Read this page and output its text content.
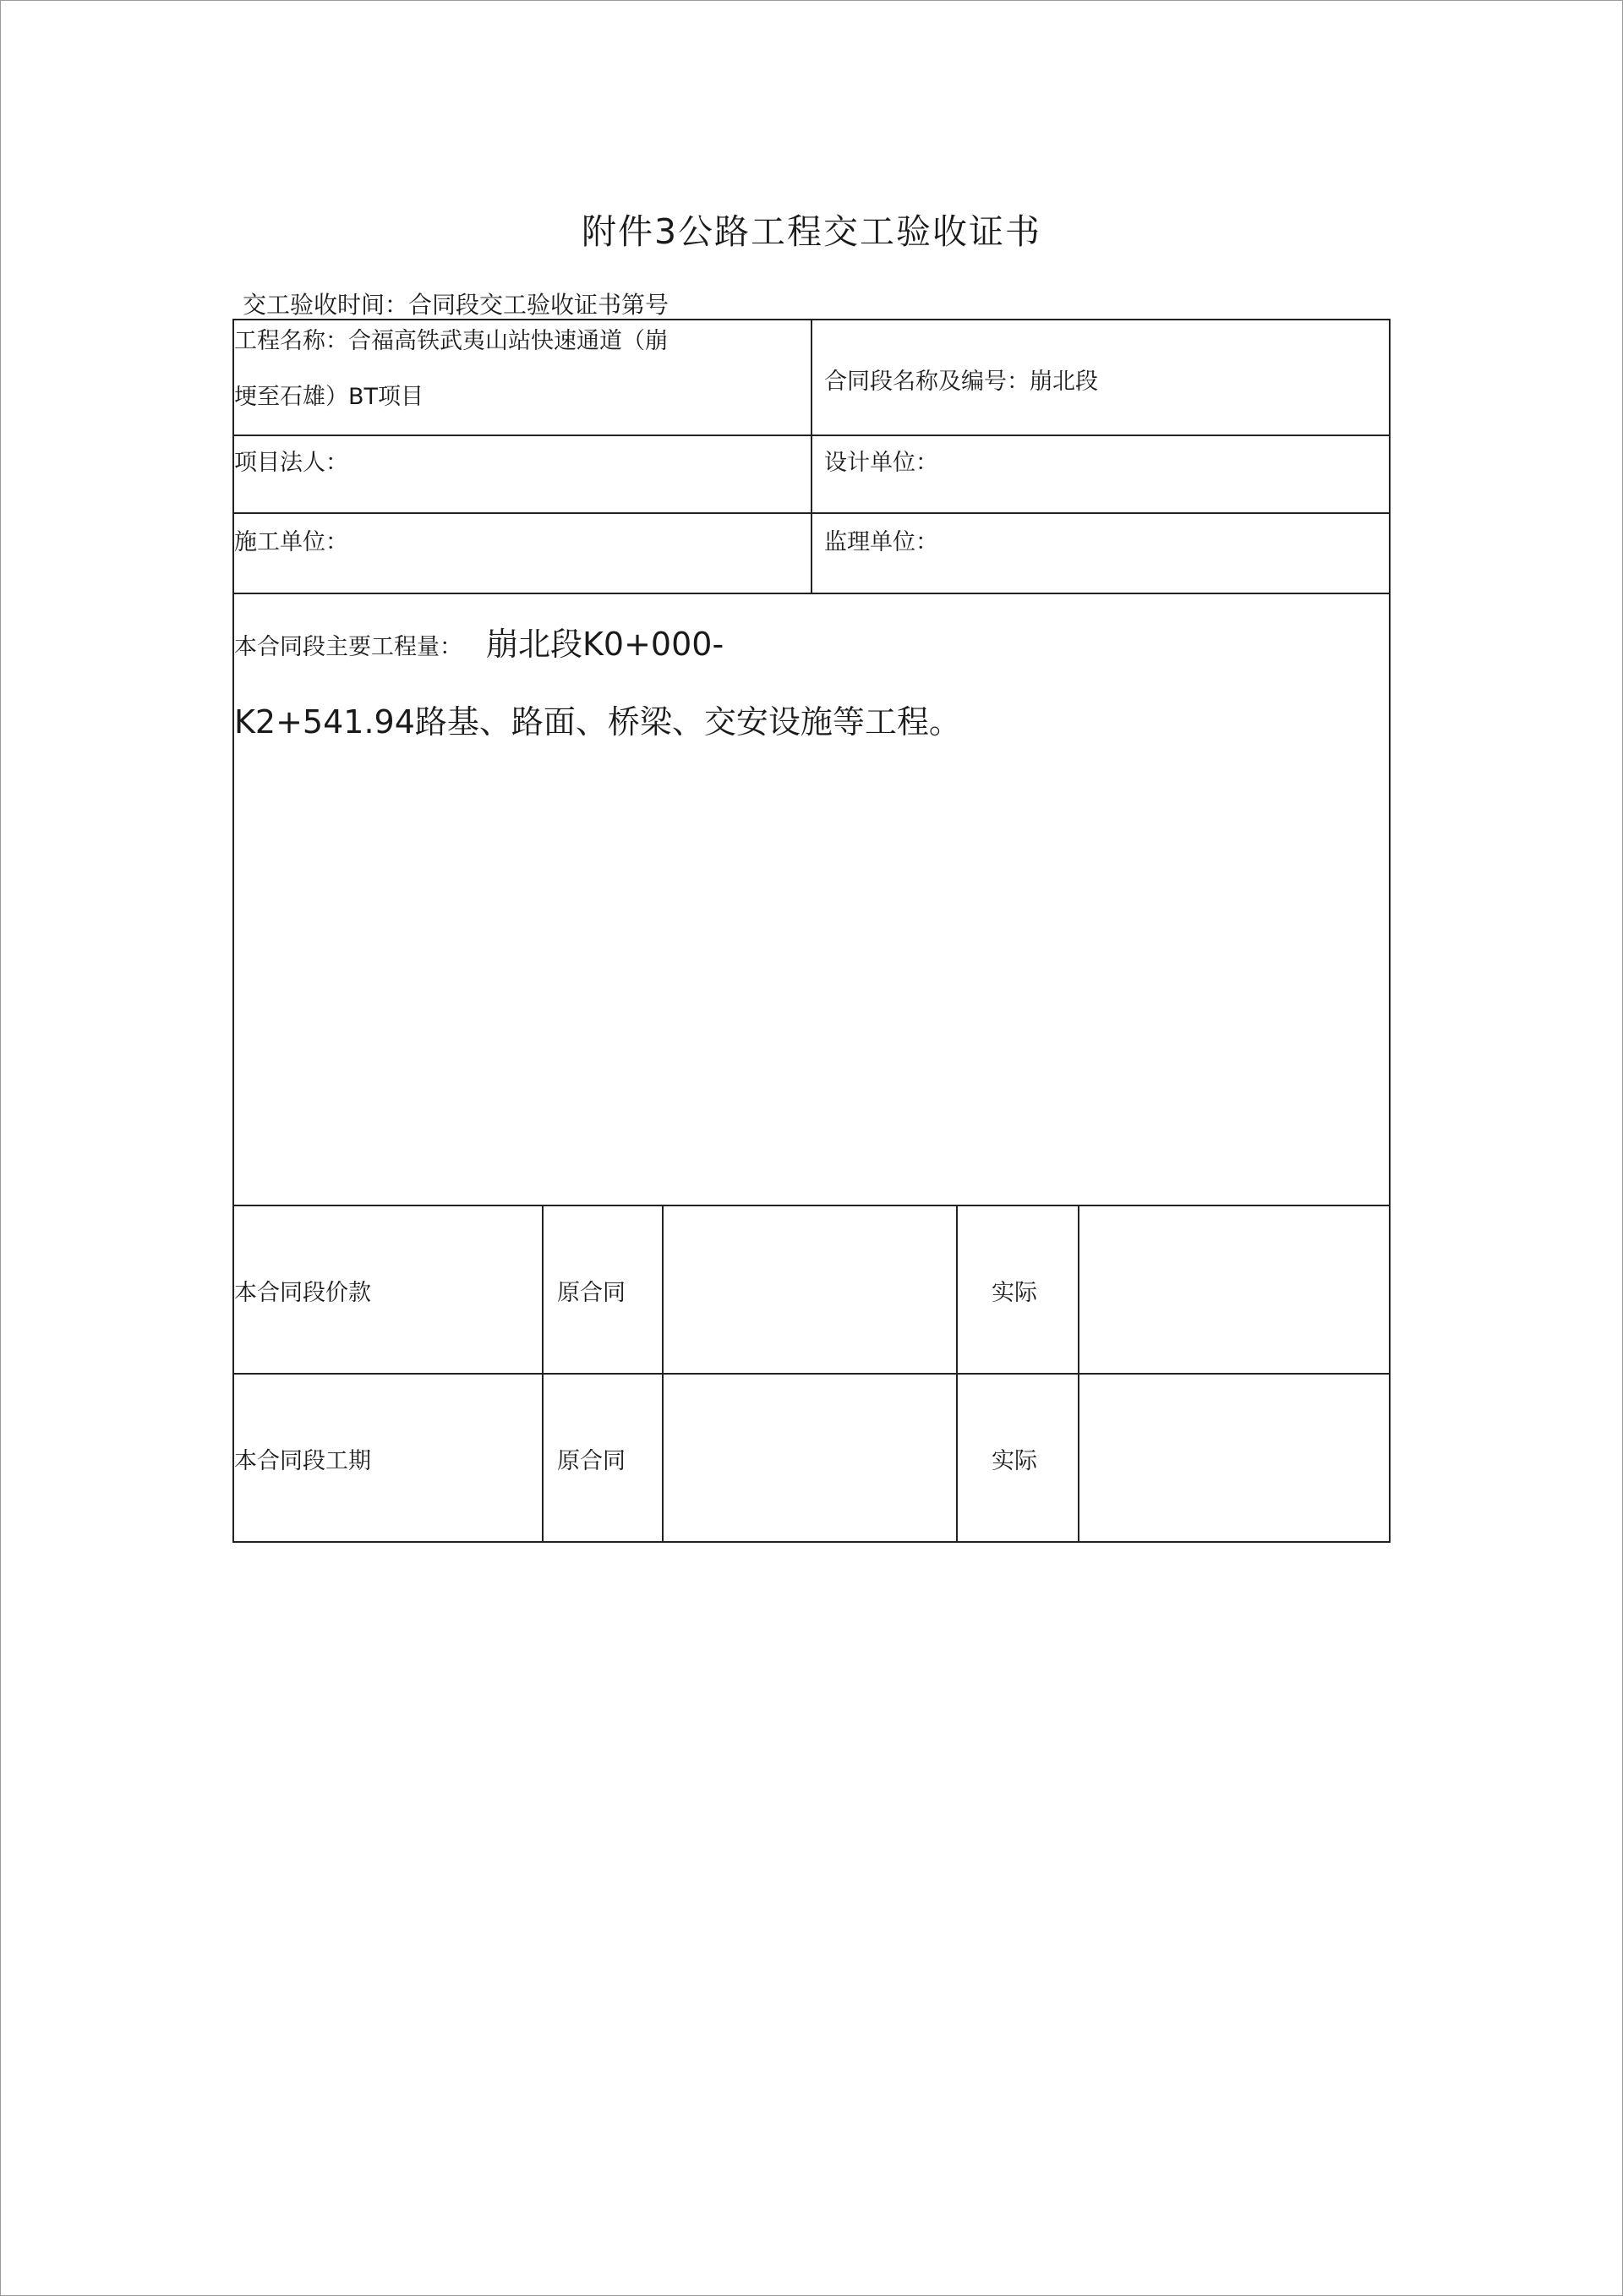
附件3公路工程交工验收证书
交工验收时间：合同段交工验收证书第号
工程名称：合福高铁武夷山站快速通道（崩
埂至石雄）BT项目
合同段名称及编号：崩北段
项目法人：	设计单位：
施工单位：	监理单位：
本合同段主要工程量： 崩北段K0+000-
K2+541.94路基、路面、桥梁、交安设施等工程。
本合同段价款	原合同	实际
本合同段工期	原合同	实际
